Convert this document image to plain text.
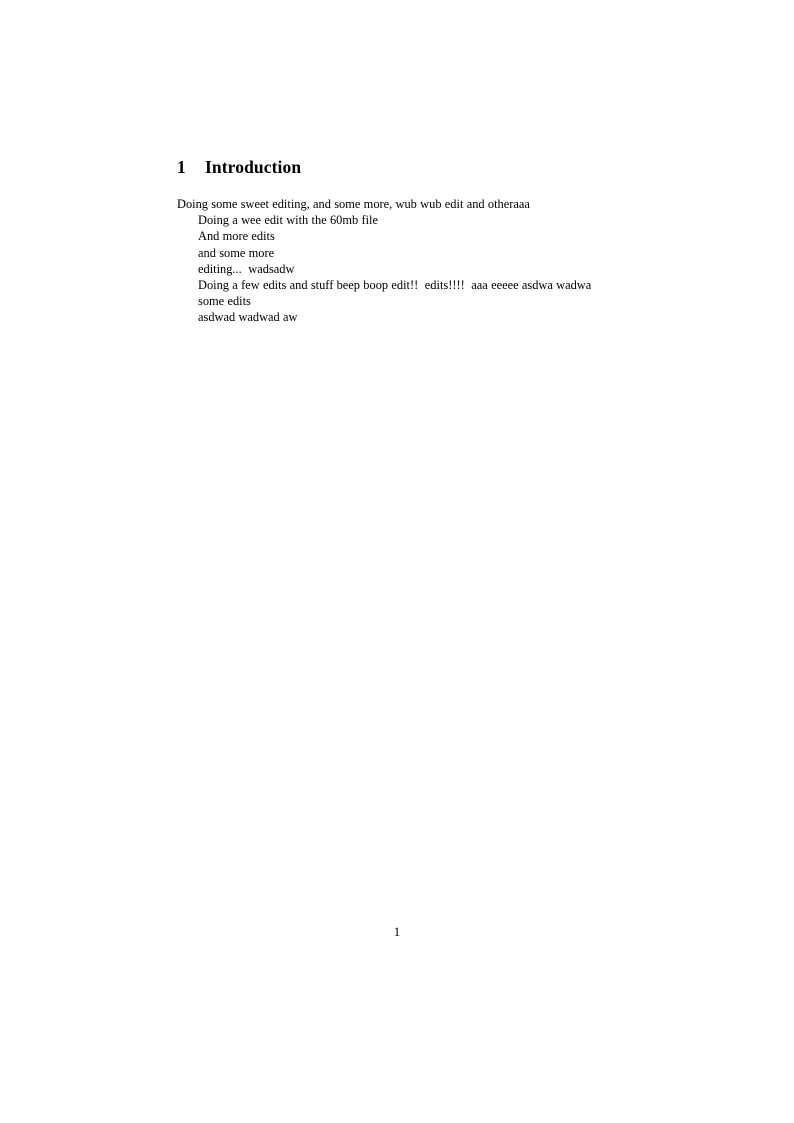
1 Introduction
Doing some sweet editing, and some more, wub wub edit and otheraaa
Doing a wee edit with the 60mb file
And more edits
and some more
editing...  wadsadw
Doing a few edits and stuff beep boop edit!!  edits!!!!  aaa eeeee asdwa wadwa
some edits
asdwad wadwad aw
1
